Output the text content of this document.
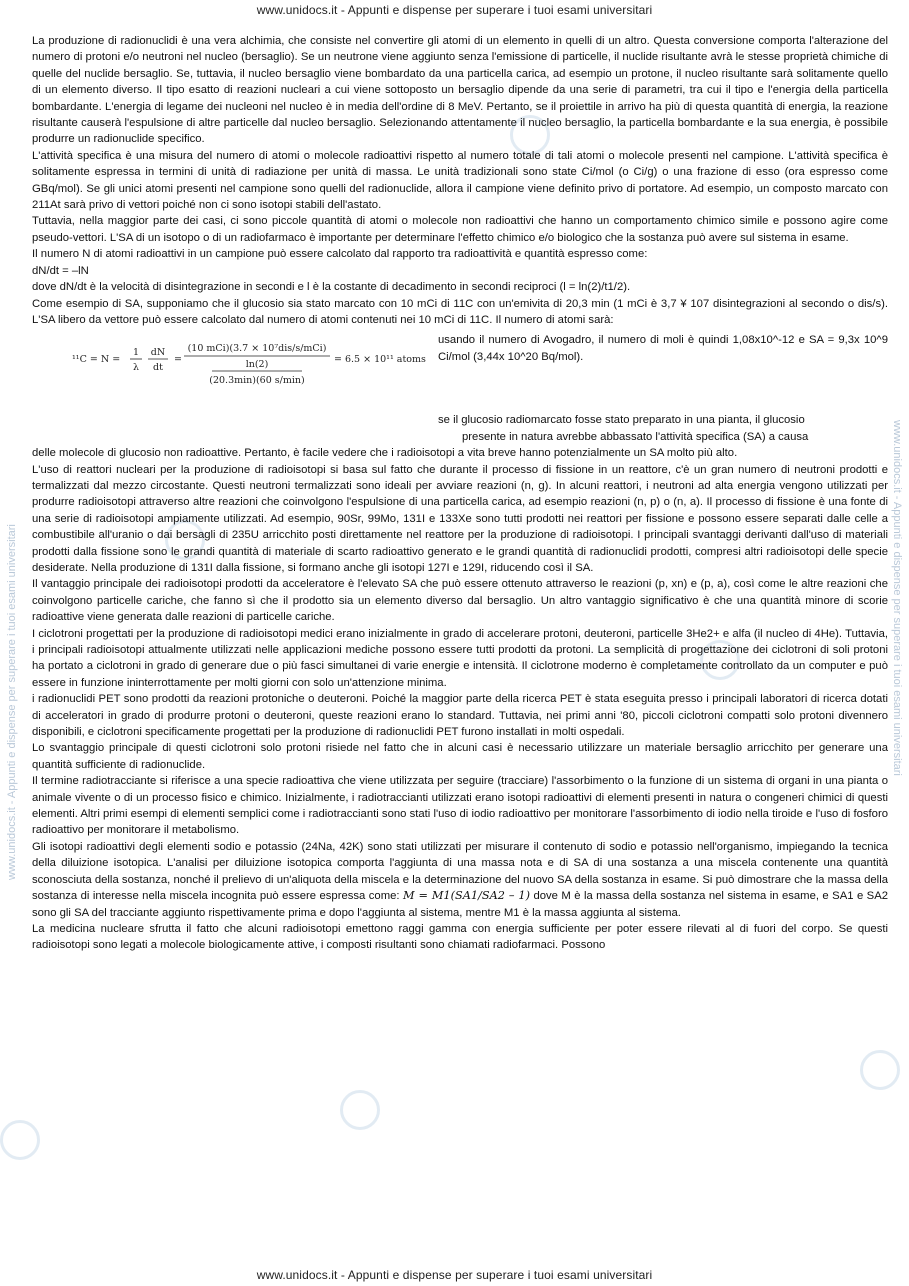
www.unidocs.it - Appunti e dispense per superare i tuoi esami universitari
www.unidocs.it - Appunti e dispense per superare i tuoi esami universitari	www.unidocs.it - Appunti e dispense per superare i tuoi esami universitari

La produzione di radionuclidi è una vera alchimia, che consiste nel convertire gli atomi di un elemento in quelli di un altro. Questa conversione comporta l'alterazione del numero di protoni e/o neutroni nel nucleo (bersaglio). Se un neutrone viene aggiunto senza l'emissione di particelle, il nuclide risultante avrà le stesse proprietà chimiche di quelle del nuclide bersaglio. Se, tuttavia, il nucleo bersaglio viene bombardato da una particella carica, ad esempio un protone, il nucleo risultante sarà solitamente quello di un elemento diverso. Il tipo esatto di reazioni nucleari a cui viene sottoposto un bersaglio dipende da una serie di parametri, tra cui il tipo e l'energia della particella bombardante. L'energia di legame dei nucleoni nel nucleo è in media dell'ordine di 8 MeV. Pertanto, se il proiettile in arrivo ha più di questa quantità di energia, la reazione risultante causerà l'espulsione di altre particelle dal nucleo bersaglio. Selezionando attentamente il nucleo bersaglio, la particella bombardante e la sua energia, è possibile produrre un radionuclide specifico.

L'attività specifica è una misura del numero di atomi o molecole radioattivi rispetto al numero totale di tali atomi o molecole presenti nel campione. L'attività specifica è solitamente espressa in termini di unità di radiazione per unità di massa. Le unità tradizionali sono state Ci/mol (o Ci/g) o una frazione di esso (ora espresso come GBq/mol). Se gli unici atomi presenti nel campione sono quelli del radionuclide, allora il campione viene definito privo di portatore. Ad esempio, un composto marcato con 211At sarà privo di vettori poiché non ci sono isotopi stabili dell'astato.

Tuttavia, nella maggior parte dei casi, ci sono piccole quantità di atomi o molecole non radioattivi che hanno un comportamento chimico simile e possono agire come pseudo-vettori. L'SA di un isotopo o di un radiofarmaco è importante per determinare l'effetto chimico e/o biologico che la sostanza può avere sul sistema in esame.

Il numero N di atomi radioattivi in un campione può essere calcolato dal rapporto tra radioattività e quantità espresso come:

dN/dt = –lN

dove dN/dt è la velocità di disintegrazione in secondi e l è la costante di decadimento in secondi reciproci (l = ln(2)/t1/2).

Come esempio di SA, supponiamo che il glucosio sia stato marcato con 10 mCi di 11C con un'emivita di 20,3 min (1 mCi è 3,7 ¥ 107 disintegrazioni al secondo o dis/s). L'SA libero da vettore può essere calcolato dal numero di atomi contenuti nei 10 mCi di 11C. Il numero di atomi sarà:

¹¹C = N =
1
λ
dN
dt
=
(10 mCi)(3.7 × 10⁷dis/s/mCi)
ln(2)
(20.3min)(60 s/min)
= 6.5 × 10¹¹ atoms
usando il numero di Avogadro, il numero di moli è quindi 1,08x10^-12 e SA = 9,3x 10^9 Ci/mol (3,44x 10^20 Bq/mol).

se il glucosio radiomarcato fosse stato preparato in una pianta, il glucosio

presente in natura avrebbe abbassato l'attività specifica (SA) a causa

delle molecole di glucosio non radioattive. Pertanto, è facile vedere che i radioisotopi a vita breve hanno potenzialmente un SA molto più alto.

L'uso di reattori nucleari per la produzione di radioisotopi si basa sul fatto che durante il processo di fissione in un reattore, c'è un gran numero di neutroni prodotti e termalizzati dal mezzo circostante. Questi neutroni termalizzati sono ideali per avviare reazioni (n, g). In alcuni reattori, i neutroni ad alta energia vengono utilizzati per produrre radioisotopi attraverso altre reazioni che coinvolgono l'espulsione di una particella carica, ad esempio reazioni (n, p) o (n, a). Il processo di fissione è una fonte di una serie di radioisotopi ampiamente utilizzati. Ad esempio, 90Sr, 99Mo, 131I e 133Xe sono tutti prodotti nei reattori per fissione e possono essere separati dalle celle a combustibile all'uranio o dai bersagli di 235U arricchito posti direttamente nel reattore per la produzione di radioisotopi. I principali svantaggi derivanti dall'uso di materiali prodotti dalla fissione sono le grandi quantità di materiale di scarto radioattivo generato e le grandi quantità di radionuclidi prodotti, compresi altri radioisotopi delle specie desiderate. Nella produzione di 131I dalla fissione, si formano anche gli isotopi 127I e 129I, riducendo così il SA.

Il vantaggio principale dei radioisotopi prodotti da acceleratore è l'elevato SA che può essere ottenuto attraverso le reazioni (p, xn) e (p, a), così come le altre reazioni che coinvolgono particelle cariche, che fanno sì che il prodotto sia un elemento diverso dal bersaglio. Un altro vantaggio significativo è che una quantità minore di scorie radioattive viene generata dalle reazioni di particelle cariche.

I ciclotroni progettati per la produzione di radioisotopi medici erano inizialmente in grado di accelerare protoni, deuteroni, particelle 3He2+ e alfa (il nucleo di 4He). Tuttavia, i principali radioisotopi attualmente utilizzati nelle applicazioni mediche possono essere tutti prodotti da protoni. La semplicità di progettazione dei ciclotroni di soli protoni ha portato a ciclotroni in grado di generare due o più fasci simultanei di varie energie e intensità. Il ciclotrone moderno è completamente controllato da un computer e può essere in funzione ininterrottamente per molti giorni con solo un'attenzione minima.

i radionuclidi PET sono prodotti da reazioni protoniche o deuteroni. Poiché la maggior parte della ricerca PET è stata eseguita presso i principali laboratori di ricerca dotati di acceleratori in grado di produrre protoni o deuteroni, queste reazioni erano lo standard. Tuttavia, nei primi anni '80, piccoli ciclotroni compatti solo protoni divennero disponibili, e ciclotroni specificamente progettati per la produzione di radionuclidi PET furono installati in molti ospedali.

Lo svantaggio principale di questi ciclotroni solo protoni risiede nel fatto che in alcuni casi è necessario utilizzare un materiale bersaglio arricchito per generare una quantità sufficiente di radionuclide.

Il termine radiotracciante si riferisce a una specie radioattiva che viene utilizzata per seguire (tracciare) l'assorbimento o la funzione di un sistema di organi in una pianta o animale vivente o di un processo fisico e chimico. Inizialmente, i radiotraccianti utilizzati erano isotopi radioattivi di elementi presenti in natura o congeneri chimici di questi elementi. Altri primi esempi di elementi semplici come i radiotraccianti sono stati l'uso di iodio radioattivo per monitorare l'assorbimento di iodio nella tiroide e l'uso di fosforo radioattivo per monitorare il metabolismo.

Gli isotopi radioattivi degli elementi sodio e potassio (24Na, 42K) sono stati utilizzati per misurare il contenuto di sodio e potassio nell'organismo, impiegando la tecnica della diluizione isotopica. L'analisi per diluizione isotopica comporta l'aggiunta di una massa nota e di SA di una sostanza a una miscela contenente una quantità sconosciuta della sostanza, nonché il prelievo di un'aliquota della miscela e la determinazione del nuovo SA della sostanza in esame. Si può dimostrare che la massa della sostanza di interesse nella miscela incognita può essere espressa come: M = M1(SA1/SA2 – 1) dove M è la massa della sostanza nel sistema in esame, e SA1 e SA2 sono gli SA del tracciante aggiunto rispettivamente prima e dopo l'aggiunta al sistema, mentre M1 è la massa aggiunta al sistema.

La medicina nucleare sfrutta il fatto che alcuni radioisotopi emettono raggi gamma con energia sufficiente per poter essere rilevati al di fuori del corpo. Se questi radioisotopi sono legati a molecole biologicamente attive, i composti risultanti sono chiamati radiofarmaci. Possono

www.unidocs.it - Appunti e dispense per superare i tuoi esami universitari
